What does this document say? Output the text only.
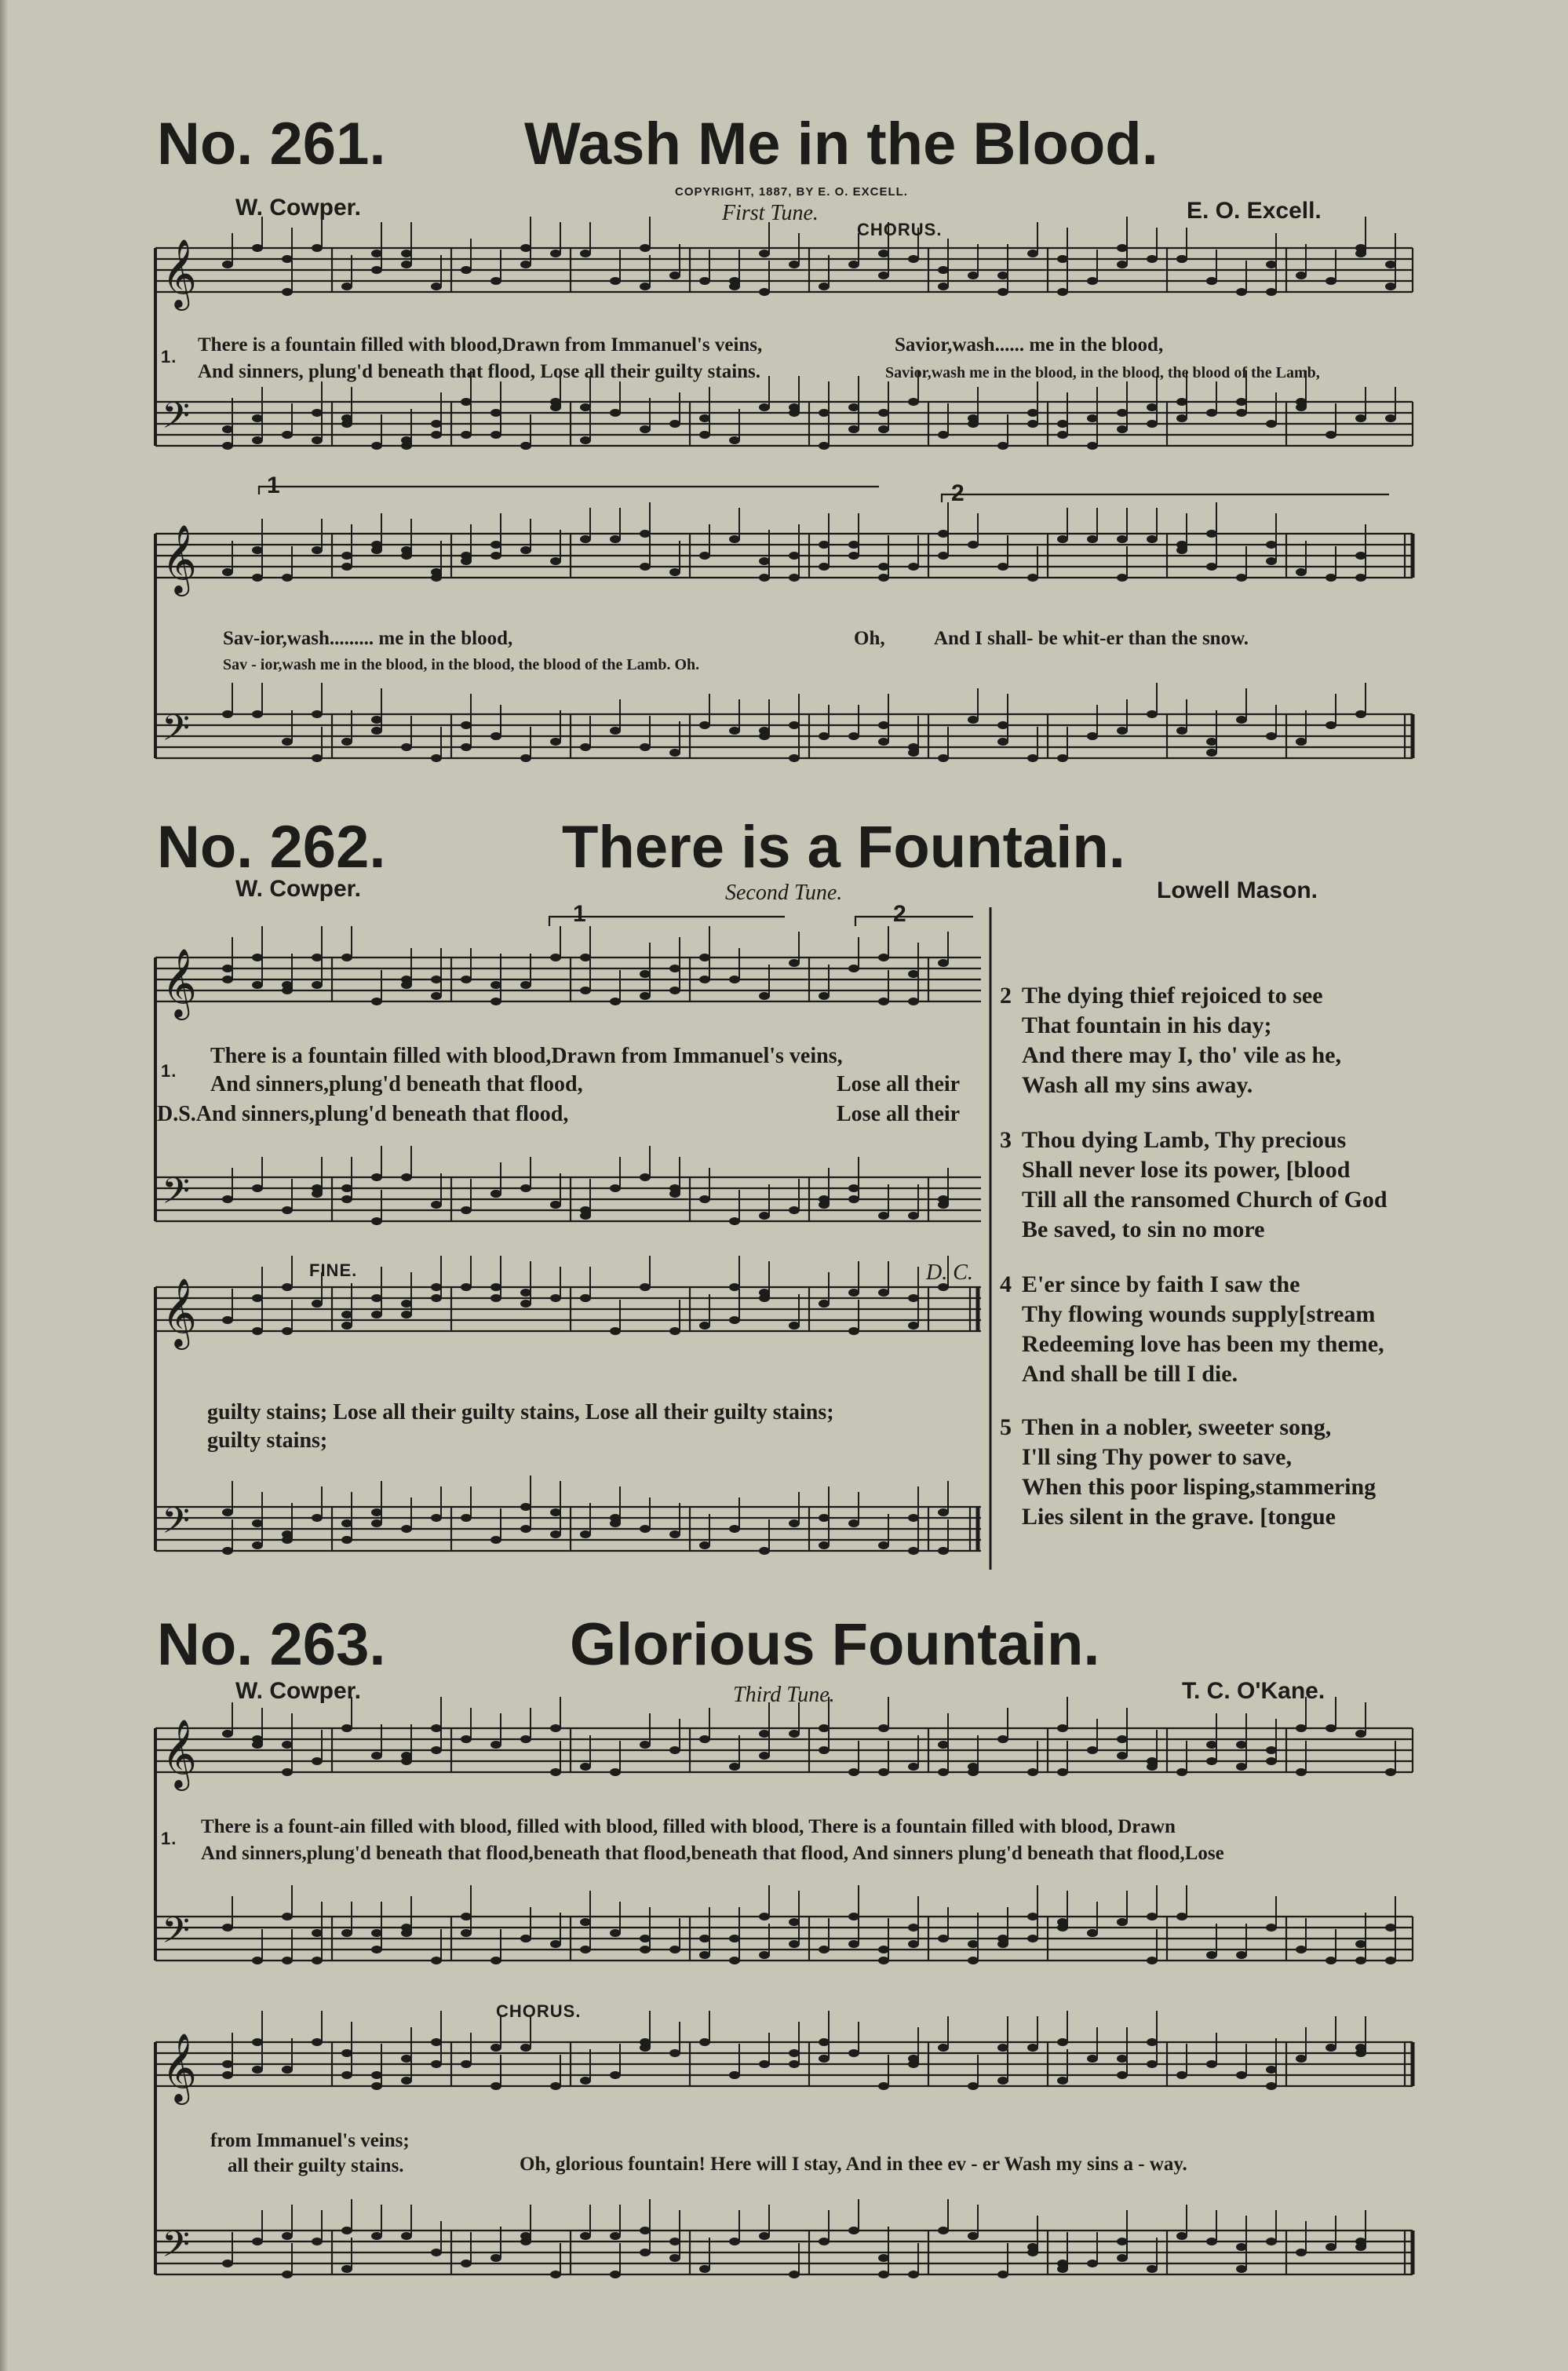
No. 261. Wash Me in the Blood.
COPYRIGHT, 1887, BY E. O. EXCELL.
W. Cowper.	First Tune.
CHORUS.
E. O. Excell.
𝄞
𝄢
𝄞
𝄢
𝄞
𝄢
𝄞
𝄢
𝄞
𝄢
𝄞
𝄢
1.
There is a fountain filled with blood,Drawn from Immanuel's veins,	Savior,wash...... me in the blood,
And sinners, plung'd beneath that flood, Lose all their guilty stains.	Savior,wash me in the blood, in the blood, the blood of the Lamb,
1	2
Sav-ior,wash......... me in the blood,	Oh, And I shall- be whit-er than the snow.
Sav - ior,wash me in the blood, in the blood, the blood of the Lamb. Oh.
No. 262.	There is a Fountain.
W. Cowper.	Second Tune.	Lowell Mason.
1	2
1.
There is a fountain filled with blood,Drawn from Immanuel's veins,
And sinners,plung'd beneath that flood,	Lose all their
D.S.And sinners,plung'd beneath that flood,	Lose all their
FINE.	D. C.
guilty stains; Lose all their guilty stains, Lose all their guilty stains;
guilty stains;
2 The dying thief rejoiced to see
That fountain in his day;
And there may I, tho' vile as he,
Wash all my sins away.
3 Thou dying Lamb, Thy precious
Shall never lose its power, [blood
Till all the ransomed Church of God
Be saved, to sin no more
4 E'er since by faith I saw the
Thy flowing wounds supply[stream
Redeeming love has been my theme,
And shall be till I die.
5 Then in a nobler, sweeter song,
I'll sing Thy power to save,
When this poor lisping,stammering
Lies silent in the grave. [tongue
No. 263.	Glorious Fountain.
W. Cowper.	Third Tune.	T. C. O'Kane.
1.
There is a fount-ain filled with blood, filled with blood, filled with blood, There is a fountain filled with blood, Drawn
And sinners,plung'd beneath that flood,beneath that flood,beneath that flood, And sinners plung'd beneath that flood,Lose
CHORUS.
from Immanuel's veins;
Oh, glorious fountain! Here will I stay, And in thee ev - er Wash my sins a - way.
all their guilty stains.
